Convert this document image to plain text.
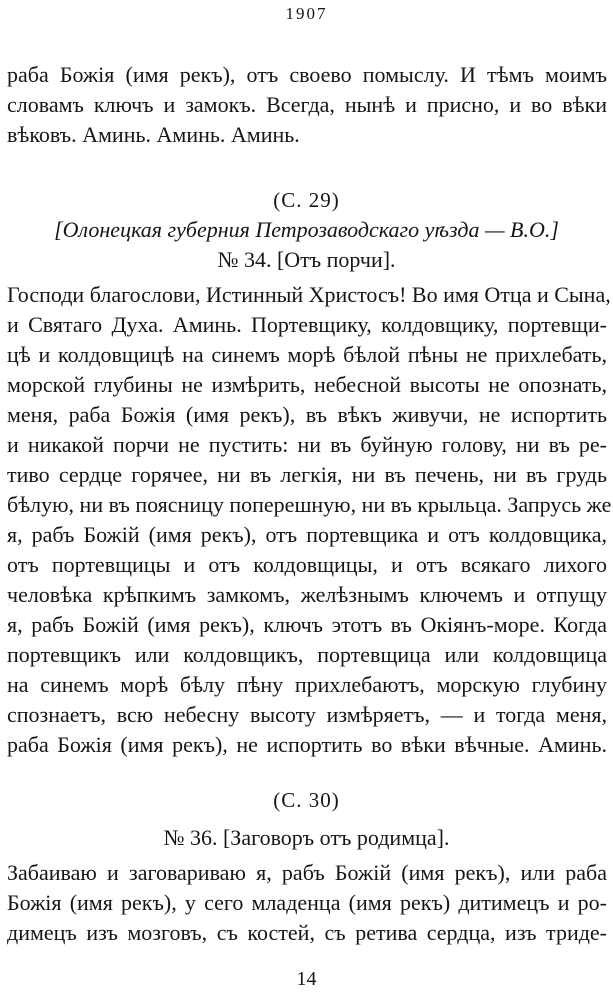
1907
раба Божія (имя рекъ), отъ своево помыслу. И тѣмъ моимъ
словамъ ключъ и замокъ. Всегда, нынѣ и присно, и во вѣки
вѣковъ. Аминь. Аминь. Аминь.
(С. 29)
[Олонецкая губерния Петрозаводскаго уѣзда — В.О.]
№ 34. [Отъ порчи].
Господи благослови, Истинный Христосъ! Во имя Отца и Сына,
и Святаго Духа. Аминь. Портевщику, колдовщику, портевщи-
цѣ и колдовщицѣ на синемъ морѣ бѣлой пѣны не прихлебать,
морской глубины не измѣрить, небесной высоты не опознать,
меня, раба Божія (имя рекъ), въ вѣкъ живучи, не испортить
и никакой порчи не пустить: ни въ буйную голову, ни въ ре-
тиво сердце горячее, ни въ легкія, ни въ печень, ни въ грудь
бѣлую, ни въ поясницу поперешную, ни въ крыльца. Запрусь же
я, рабъ Божій (имя рекъ), отъ портевщика и отъ колдовщика,
отъ портевщицы и отъ колдовщицы, и отъ всякаго лихого
человѣка крѣпкимъ замкомъ, желѣзнымъ ключемъ и отпущу
я, рабъ Божій (имя рекъ), ключъ этотъ въ Окіянъ-море. Когда
портевщикъ или колдовщикъ, портевщица или колдовщица
на синемъ морѣ бѣлу пѣну прихлебаютъ, морскую глубину
спознаетъ, всю небесну высоту измѣряетъ, — и тогда меня,
раба Божія (имя рекъ), не испортить во вѣки вѣчные. Аминь.
(С. 30)
№ 36. [Заговоръ отъ родимца].
Забаиваю и заговариваю я, рабъ Божій (имя рекъ), или раба
Божія (имя рекъ), у сего младенца (имя рекъ) дитимецъ и ро-
димецъ изъ мозговъ, съ костей, съ ретива сердца, изъ триде-
14
